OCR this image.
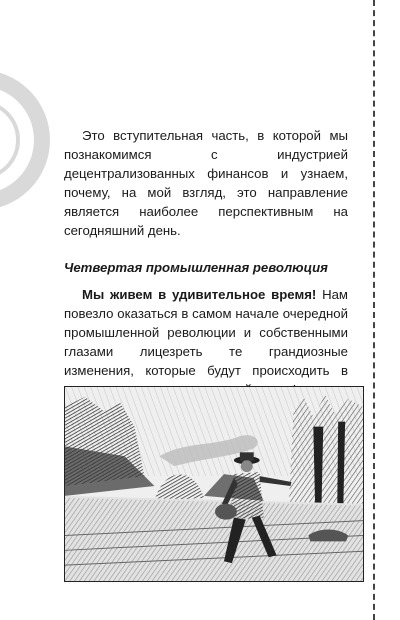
Это вступительная часть, в которой мы познакомимся с индустрией децентрализованных финансов и узнаем, почему, на мой взгляд, это направление является наиболее перспективным на сегодняшний день.

Четвертая промышленная революция

Мы живем в удивительное время! Нам повезло оказаться в самом начале очередной промышленной революции и собственными глазами лицезреть те грандиозные изменения, которые будут происходить в
